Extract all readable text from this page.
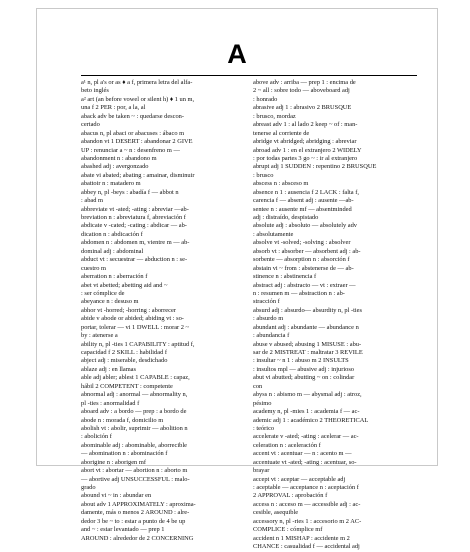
A
a¹ n, pl a's or as ♦ a f, primera letra del alfa-
beto inglés
a² art (an before vowel or silent h) ♦ 1 un m,
una f 2 PER : por, a la, al
aback adv be taken ~ : quedarse descon-
certado
abacus n, pl abaci or abacuses : ábaco m
abandon vt 1 DESERT : abandonar 2 GIVE
UP : renunciar a ~ n : desenfreno m —
abandonment n : abandono m
abashed adj : avergonzado
abate vi abated; abating : amainar, disminuir
abattoir n : matadero m
abbey n, pl -beys : abadía f — abbot n
: abad m
abbreviate vt -ated; -ating : abreviar —ab-
breviation n : abreviatura f, abreviación f
abdicate v -cated; -cating : abdicar — ab-
dication n : abdicación f
abdomen n : abdomen m, vientre m — ab-
dominal adj : abdominal
abduct vt : secuestrar — abduction n : se-
cuestro m
aberration n : aberración f
abet vt abetted; abetting aid and ~
: ser cómplice de
abeyance n : desuso m
abhor vt -horred; -horring : aborrecer
abide v abode or abided; abiding vt : so-
portar, tolerar — vi 1 DWELL : morar 2 ~
by : atenerse a
ability n, pl -ties 1 CAPABILITY : aptitud f,
capacidad f 2 SKILL : habilidad f
abject adj : miserable, desdichado
ablaze adj : en llamas
able adj abler; ablest 1 CAPABLE : capaz,
hábil 2 COMPETENT : competente
abnormal adj : anormal — abnormality n,
pl -ties : anormalidad f
aboard adv : a bordo — prep : a bordo de
abode n : morada f, domicilio m
abolish vt : abolir, suprimir — abolition n
: abolición f
abominable adj : abominable, aborrecible
— abomination n : abominación f
aborigine n : aborigen mf
abort vt : abortar — abortion n : aborto m
— abortive adj UNSUCCESSFUL : malo-
grado
abound vi ~ in : abundar en
about adv 1 APPROXIMATELY : aproxima-
damente, más o menos 2 AROUND : alre-
dedor 3 be ~ to : estar a punto de 4 be up
and ~ : estar levantado — prep 1
AROUND : alrededor de 2 CONCERNING
above adv : arriba — prep 1 : encima de
2 ~ all : sobre todo — aboveboard adj
: honrado
abrasive adj 1 : abrasivo 2 BRUSQUE
: brusco, mordaz
abreast adv 1 : al lado 2 keep ~ of : man-
tenerse al corriente de
abridge vt abridged; abridging : abreviar
abroad adv 1 : en el extranjero 2 WIDELY
: por todas partes 3 go ~ : ir al extranjero
abrupt adj 1 SUDDEN : repentino 2 BRUSQUE
: brusco
abscess n : absceso m
absence n 1 : ausencia f 2 LACK : falta f,
carencia f — absent adj : ausente —ab-
sentee n : ausente mf — absentminded
adj : distraído, despistado
absolute adj : absoluto — absolutely adv
: absolutamente
absolve vt -solved; -solving : absolver
absorb vt : absorber — absorbent adj : ab-
sorbente — absorption n : absorción f
abstain vi ~ from : abstenerse de — ab-
stinence n : abstinencia f
abstract adj : abstracto — vt : extraer —
n : resumen m — abstraction n : ab-
stracción f
absurd adj : absurdo— absurdity n, pl -ties
: absurdo m
abundant adj : abundante — abundance n
: abundancia f
abuse v abused; abusing 1 MISUSE : abu-
sar de 2 MISTREAT : maltratar 3 REVILE
: insultar ~ n 1 : abuso m 2 INSULTS
: insultos mpl — abusive adj : injurioso
abut vi abutted; abutting ~ on : colindar
con
abyss n : abismo m — abysmal adj : atroz,
pésimo
academy n, pl -mies 1 : academia f — ac-
ademic adj 1 : académico 2 THEORETICAL
: teórico
accelerate v -ated; -ating : acelerar — ac-
celeration n : aceleración f
accent vt : acentuar — n : acento m —
accentuate vt -ated; -ating : acentuar, so-
brayar
accept vt : aceptar — acceptable adj
: aceptable — acceptance n : aceptación f
2 APPROVAL : aprobación f
access n : acceso m — accessible adj : ac-
cesible, asequible
accessory n, pl -ries 1 : accesorio m 2 AC-
COMPLICE : cómplice mf
accident n 1 MISHAP : accidente m 2
CHANCE : casualidad f — accidental adj
